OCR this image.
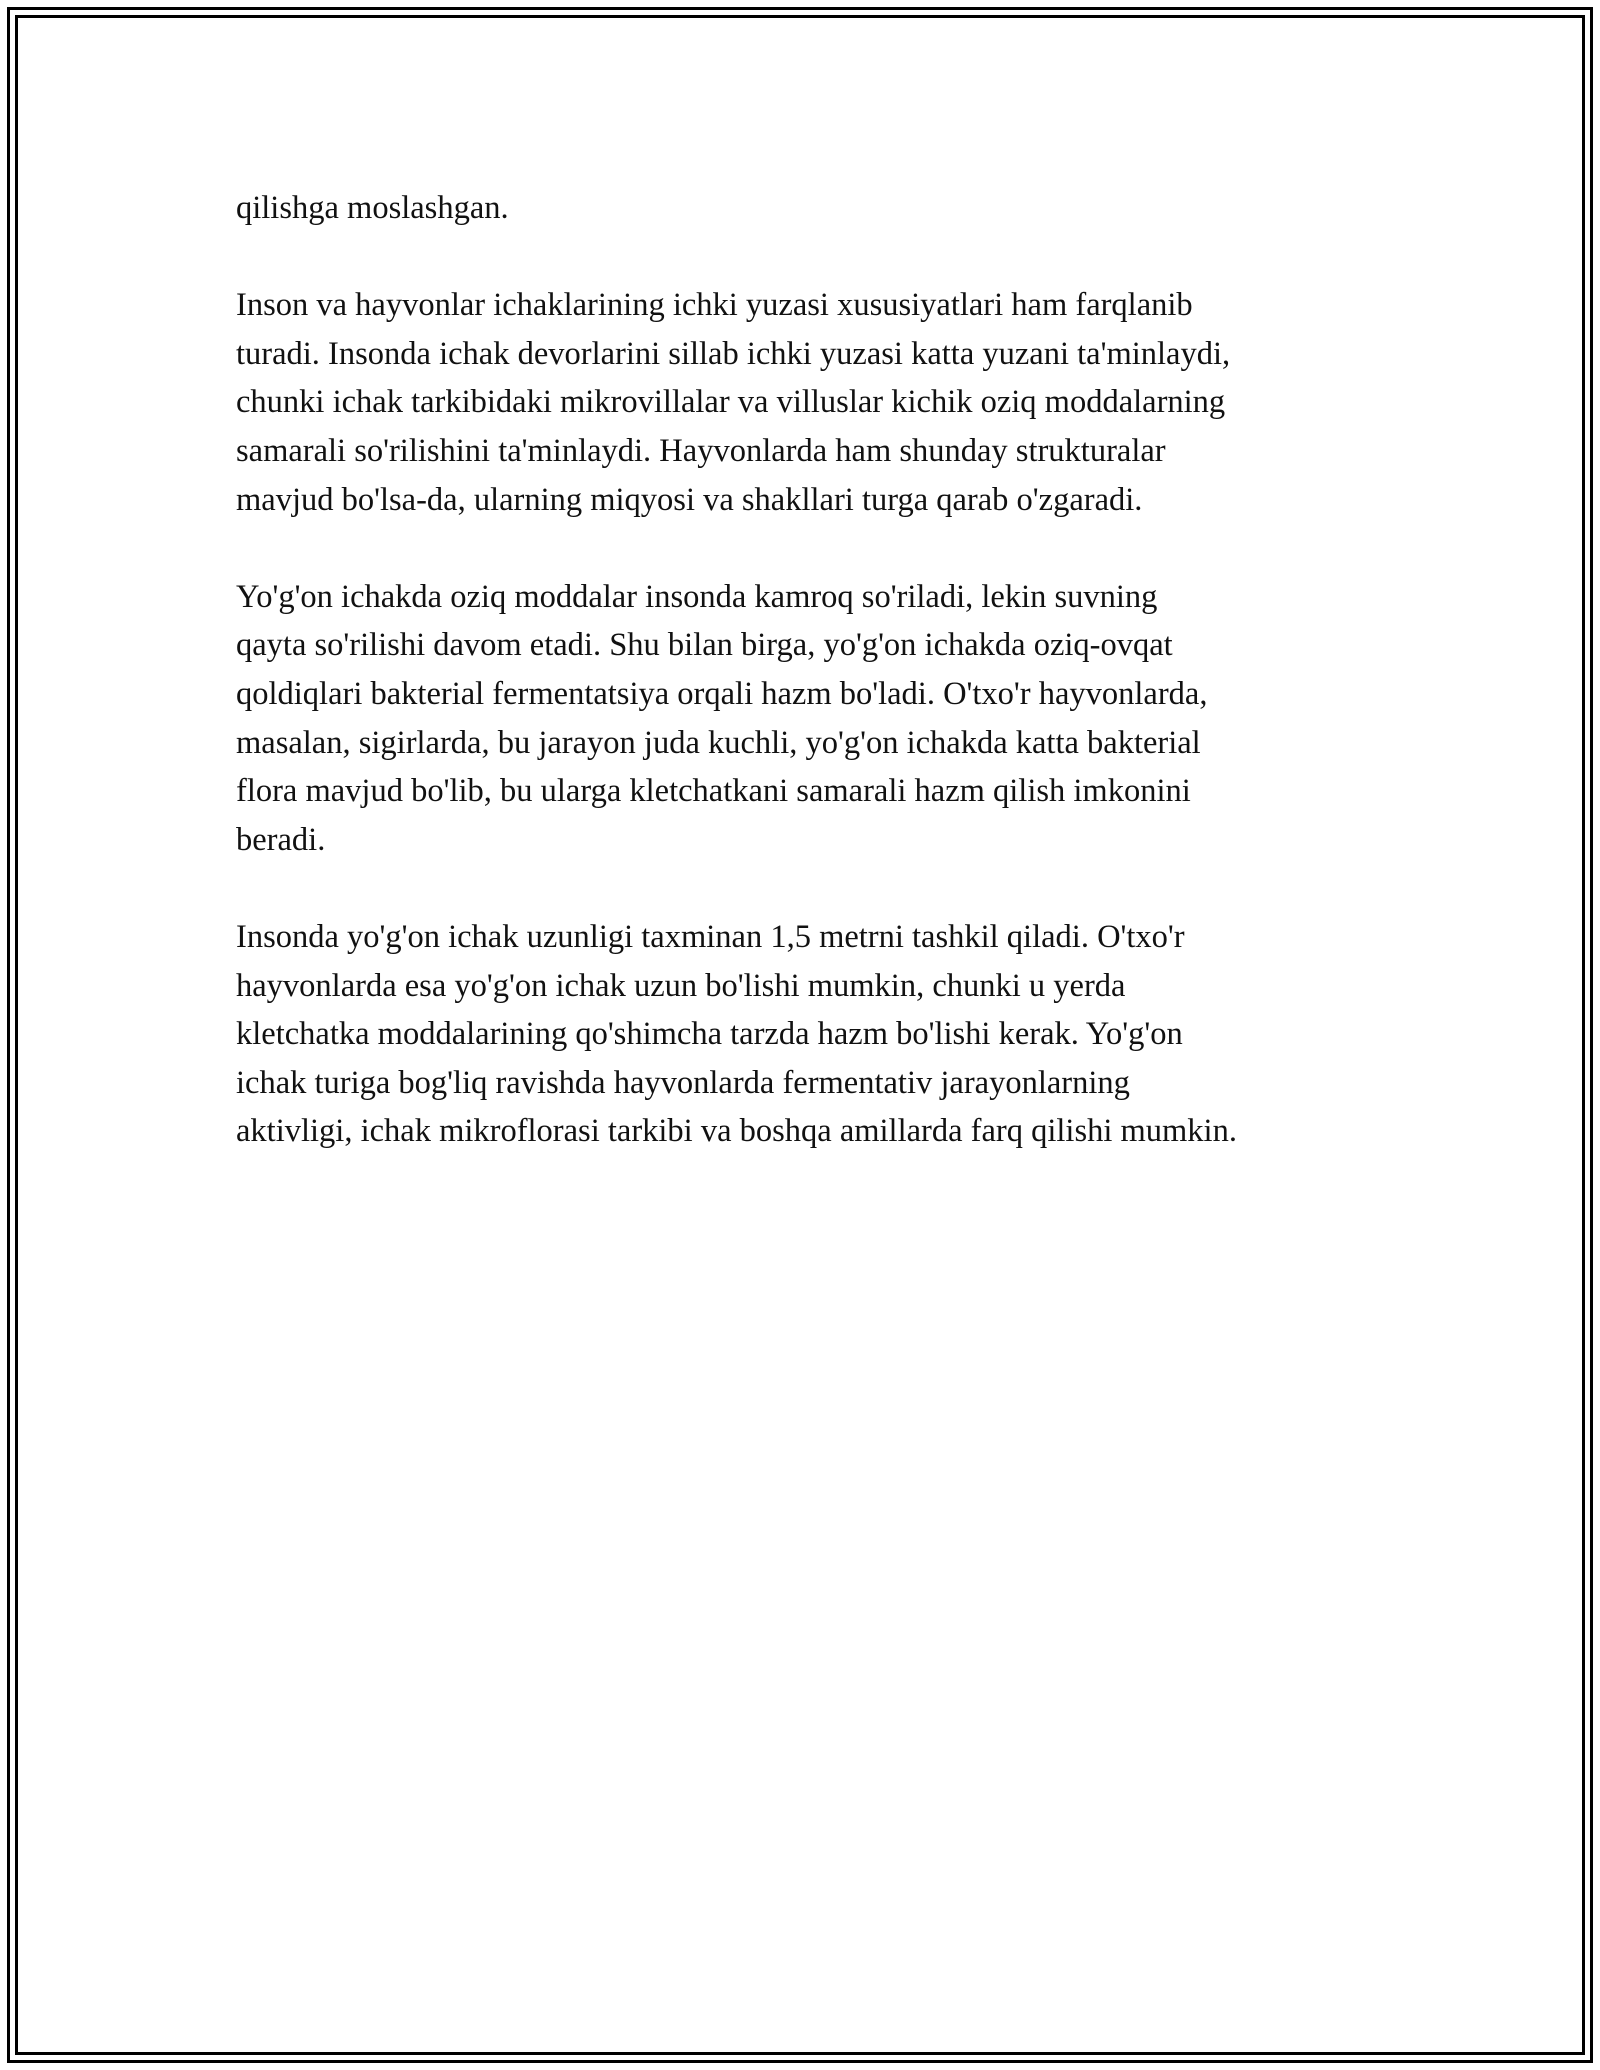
qilishga moslashgan.

Inson va hayvonlar ichaklarining ichki yuzasi xususiyatlari ham farqlanib
turadi. Insonda ichak devorlarini sillab ichki yuzasi katta yuzani ta'minlaydi,
chunki ichak tarkibidaki mikrovillalar va villuslar kichik oziq moddalarning
samarali so'rilishini ta'minlaydi. Hayvonlarda ham shunday strukturalar
mavjud bo'lsa-da, ularning miqyosi va shakllari turga qarab o'zgaradi.

Yo'g'on ichakda oziq moddalar insonda kamroq so'riladi, lekin suvning
qayta so'rilishi davom etadi. Shu bilan birga, yo'g'on ichakda oziq-ovqat
qoldiqlari bakterial fermentatsiya orqali hazm bo'ladi. O'txo'r hayvonlarda,
masalan, sigirlarda, bu jarayon juda kuchli, yo'g'on ichakda katta bakterial
flora mavjud bo'lib, bu ularga kletchatkani samarali hazm qilish imkonini
beradi.

Insonda yo'g'on ichak uzunligi taxminan 1,5 metrni tashkil qiladi. O'txo'r
hayvonlarda esa yo'g'on ichak uzun bo'lishi mumkin, chunki u yerda
kletchatka moddalarining qo'shimcha tarzda hazm bo'lishi kerak. Yo'g'on
ichak turiga bog'liq ravishda hayvonlarda fermentativ jarayonlarning
aktivligi, ichak mikroflorasi tarkibi va boshqa amillarda farq qilishi mumkin.
